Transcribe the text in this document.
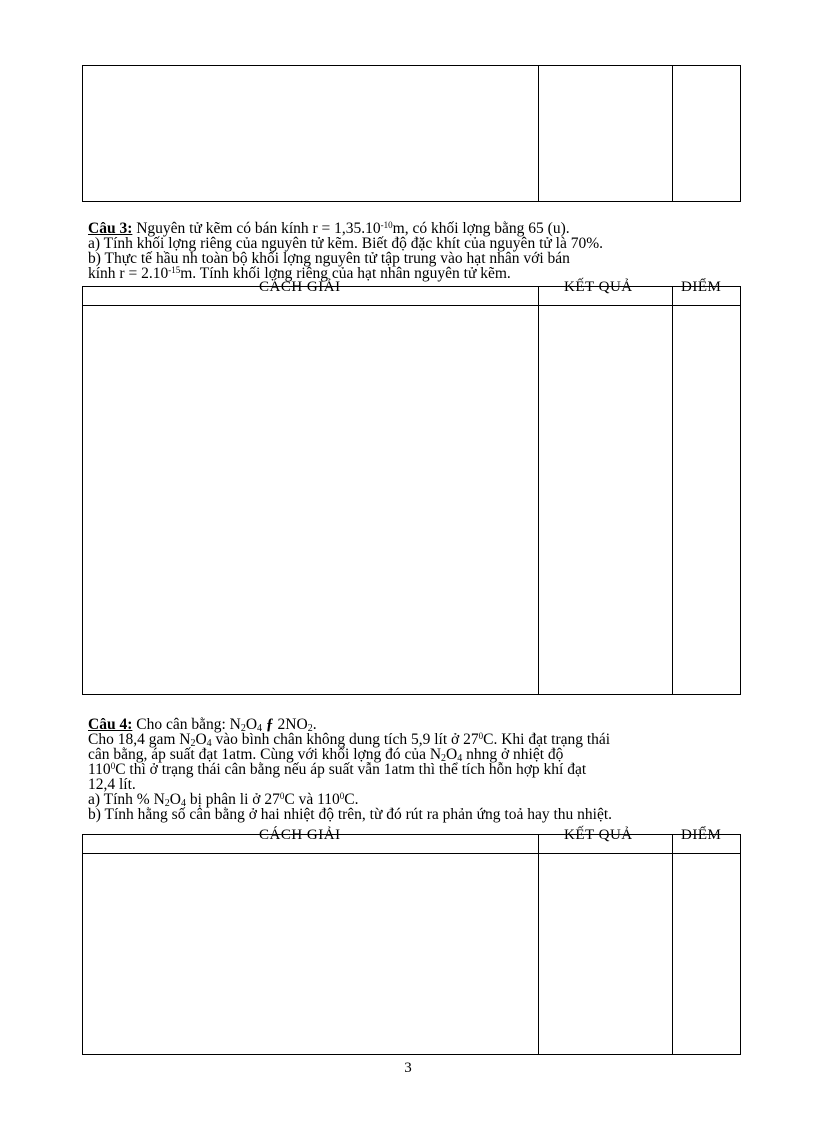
Câu 3: Nguyên tử kẽm có bán kính $r = 1,35.10^{-10}m$, có khối lợng bằng 65 (u).
a) Tính khối lợng riêng của nguyên tử kẽm. Biết độ đặc khít của nguyên tử là 70%.
b) Thực tế hầu nh toàn bộ khối lợng nguyên tử tập trung vào hạt nhân với bán
kính $r = 2.10^{-15}m$. Tính khối lợng riêng của hạt nhân nguyên tử kẽm.
CÁCH GIẢI	KẾT QUẢ	ĐIỂM
Câu 4: Cho cân bằng: $N_2O_4$ ƒ $2NO_2$.
Cho 18,4 gam $N_2O_4$ vào bình chân không dung tích 5,9 lít ở $27^0C$. Khi đạt trạng thái
cân bằng, áp suất đạt 1atm. Cùng với khối lợng đó của $N_2O_4$ nhng ở nhiệt độ
$110^0C$ thì ở trạng thái cân bằng nếu áp suất vẫn 1atm thì thể tích hỗn hợp khí đạt
12,4 lít.
a) Tính % $N_2O_4$ bị phân li ở $27^0C$ và $110^0C$.
b) Tính hằng số cân bằng ở hai nhiệt độ trên, từ đó rút ra phản ứng toả hay thu nhiệt.
CÁCH GIẢI	KẾT QUẢ	ĐIỂM
3
